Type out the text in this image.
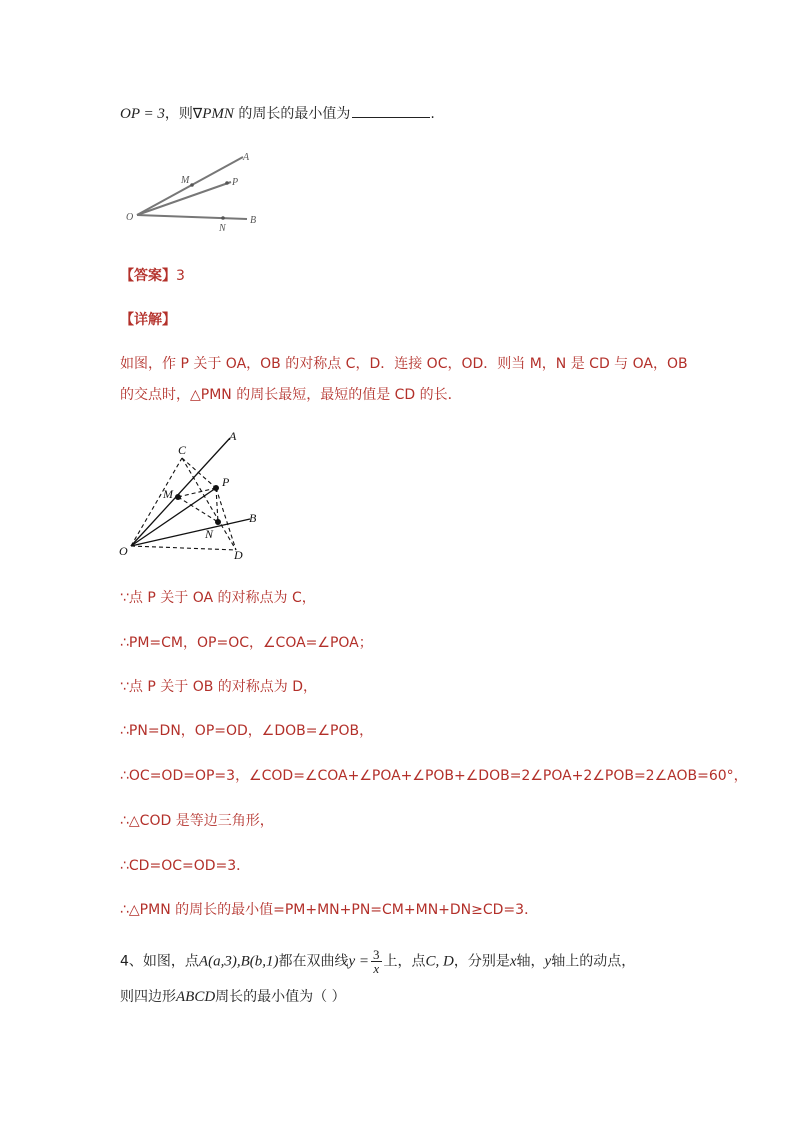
OP = 3，则∇PMN 的周长的最小值为	.
A
M	P
O
N
B
【答案】3
【详解】
如图，作 P 关于 OA，OB 的对称点 C，D．连接 OC，OD．则当 M，N 是 CD 与 OA，OB
的交点时，△PMN 的周长最短，最短的值是 CD 的长．
A
C
M
P
B
N
O	D
∵点 P 关于 OA 的对称点为 C，
∴PM=CM，OP=OC，∠COA=∠POA；
∵点 P 关于 OB 的对称点为 D，
∴PN=DN，OP=OD，∠DOB=∠POB，
∴OC=OD=OP=3，∠COD=∠COA+∠POA+∠POB+∠DOB=2∠POA+2∠POB=2∠AOB=60°，
∴△COD 是等边三角形，
∴CD=OC=OD=3．
∴△PMN 的周长的最小值=PM+MN+PN=CM+MN+DN≥CD=3．
4、如图，点A(a,3),B(b,1)都在双曲线$y = \frac{3}{x}$ 上，点C, D，分别是x轴，y轴上的动点，
则四边形ABCD周长的最小值为（ ）
